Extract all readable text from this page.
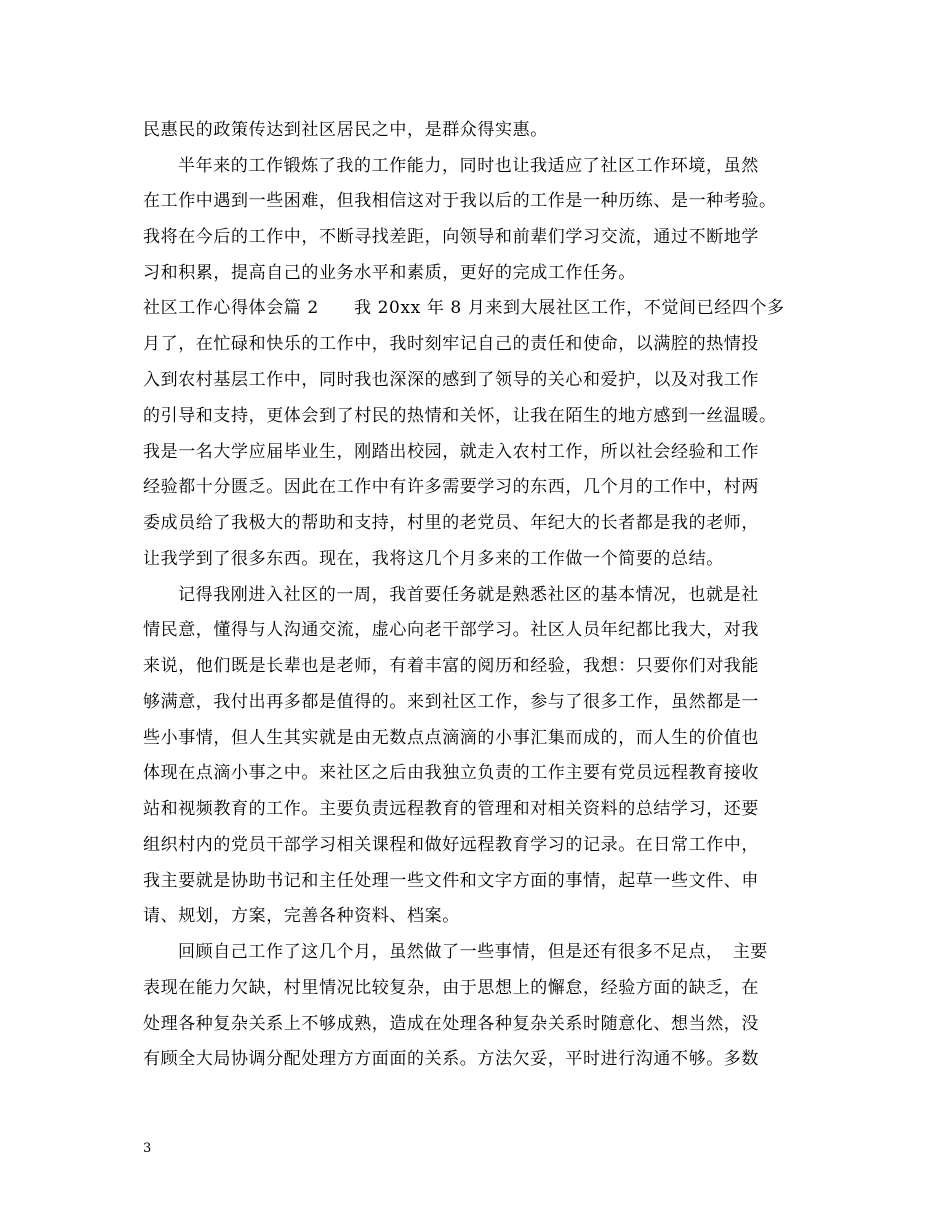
民惠民的政策传达到社区居民之中，是群众得实惠。
半年来的工作锻炼了我的工作能力，同时也让我适应了社区工作环境，虽然
在工作中遇到一些困难，但我相信这对于我以后的工作是一种历练、是一种考验。
我将在今后的工作中，不断寻找差距，向领导和前辈们学习交流，通过不断地学
习和积累，提高自己的业务水平和素质，更好的完成工作任务。
社区工作心得体会篇 2　　我 20xx 年 8 月来到大展社区工作，不觉间已经四个多
月了，在忙碌和快乐的工作中，我时刻牢记自己的责任和使命，以满腔的热情投
入到农村基层工作中，同时我也深深的感到了领导的关心和爱护，以及对我工作
的引导和支持，更体会到了村民的热情和关怀，让我在陌生的地方感到一丝温暖。
我是一名大学应届毕业生，刚踏出校园，就走入农村工作，所以社会经验和工作
经验都十分匮乏。因此在工作中有许多需要学习的东西，几个月的工作中，村两
委成员给了我极大的帮助和支持，村里的老党员、年纪大的长者都是我的老师，
让我学到了很多东西。现在，我将这几个月多来的工作做一个简要的总结。
记得我刚进入社区的一周，我首要任务就是熟悉社区的基本情况，也就是社
情民意，懂得与人沟通交流，虚心向老干部学习。社区人员年纪都比我大，对我
来说，他们既是长辈也是老师，有着丰富的阅历和经验，我想：只要你们对我能
够满意，我付出再多都是值得的。来到社区工作，参与了很多工作，虽然都是一
些小事情，但人生其实就是由无数点点滴滴的小事汇集而成的，而人生的价值也
体现在点滴小事之中。来社区之后由我独立负责的工作主要有党员远程教育接收
站和视频教育的工作。主要负责远程教育的管理和对相关资料的总结学习，还要
组织村内的党员干部学习相关课程和做好远程教育学习的记录。在日常工作中，
我主要就是协助书记和主任处理一些文件和文字方面的事情，起草一些文件、申
请、规划，方案，完善各种资料、档案。
回顾自己工作了这几个月，虽然做了一些事情，但是还有很多不足点，　主要
表现在能力欠缺，村里情况比较复杂，由于思想上的懈怠，经验方面的缺乏，在
处理各种复杂关系上不够成熟，造成在处理各种复杂关系时随意化、想当然，没
有顾全大局协调分配处理方方面面的关系。方法欠妥，平时进行沟通不够。多数
3
